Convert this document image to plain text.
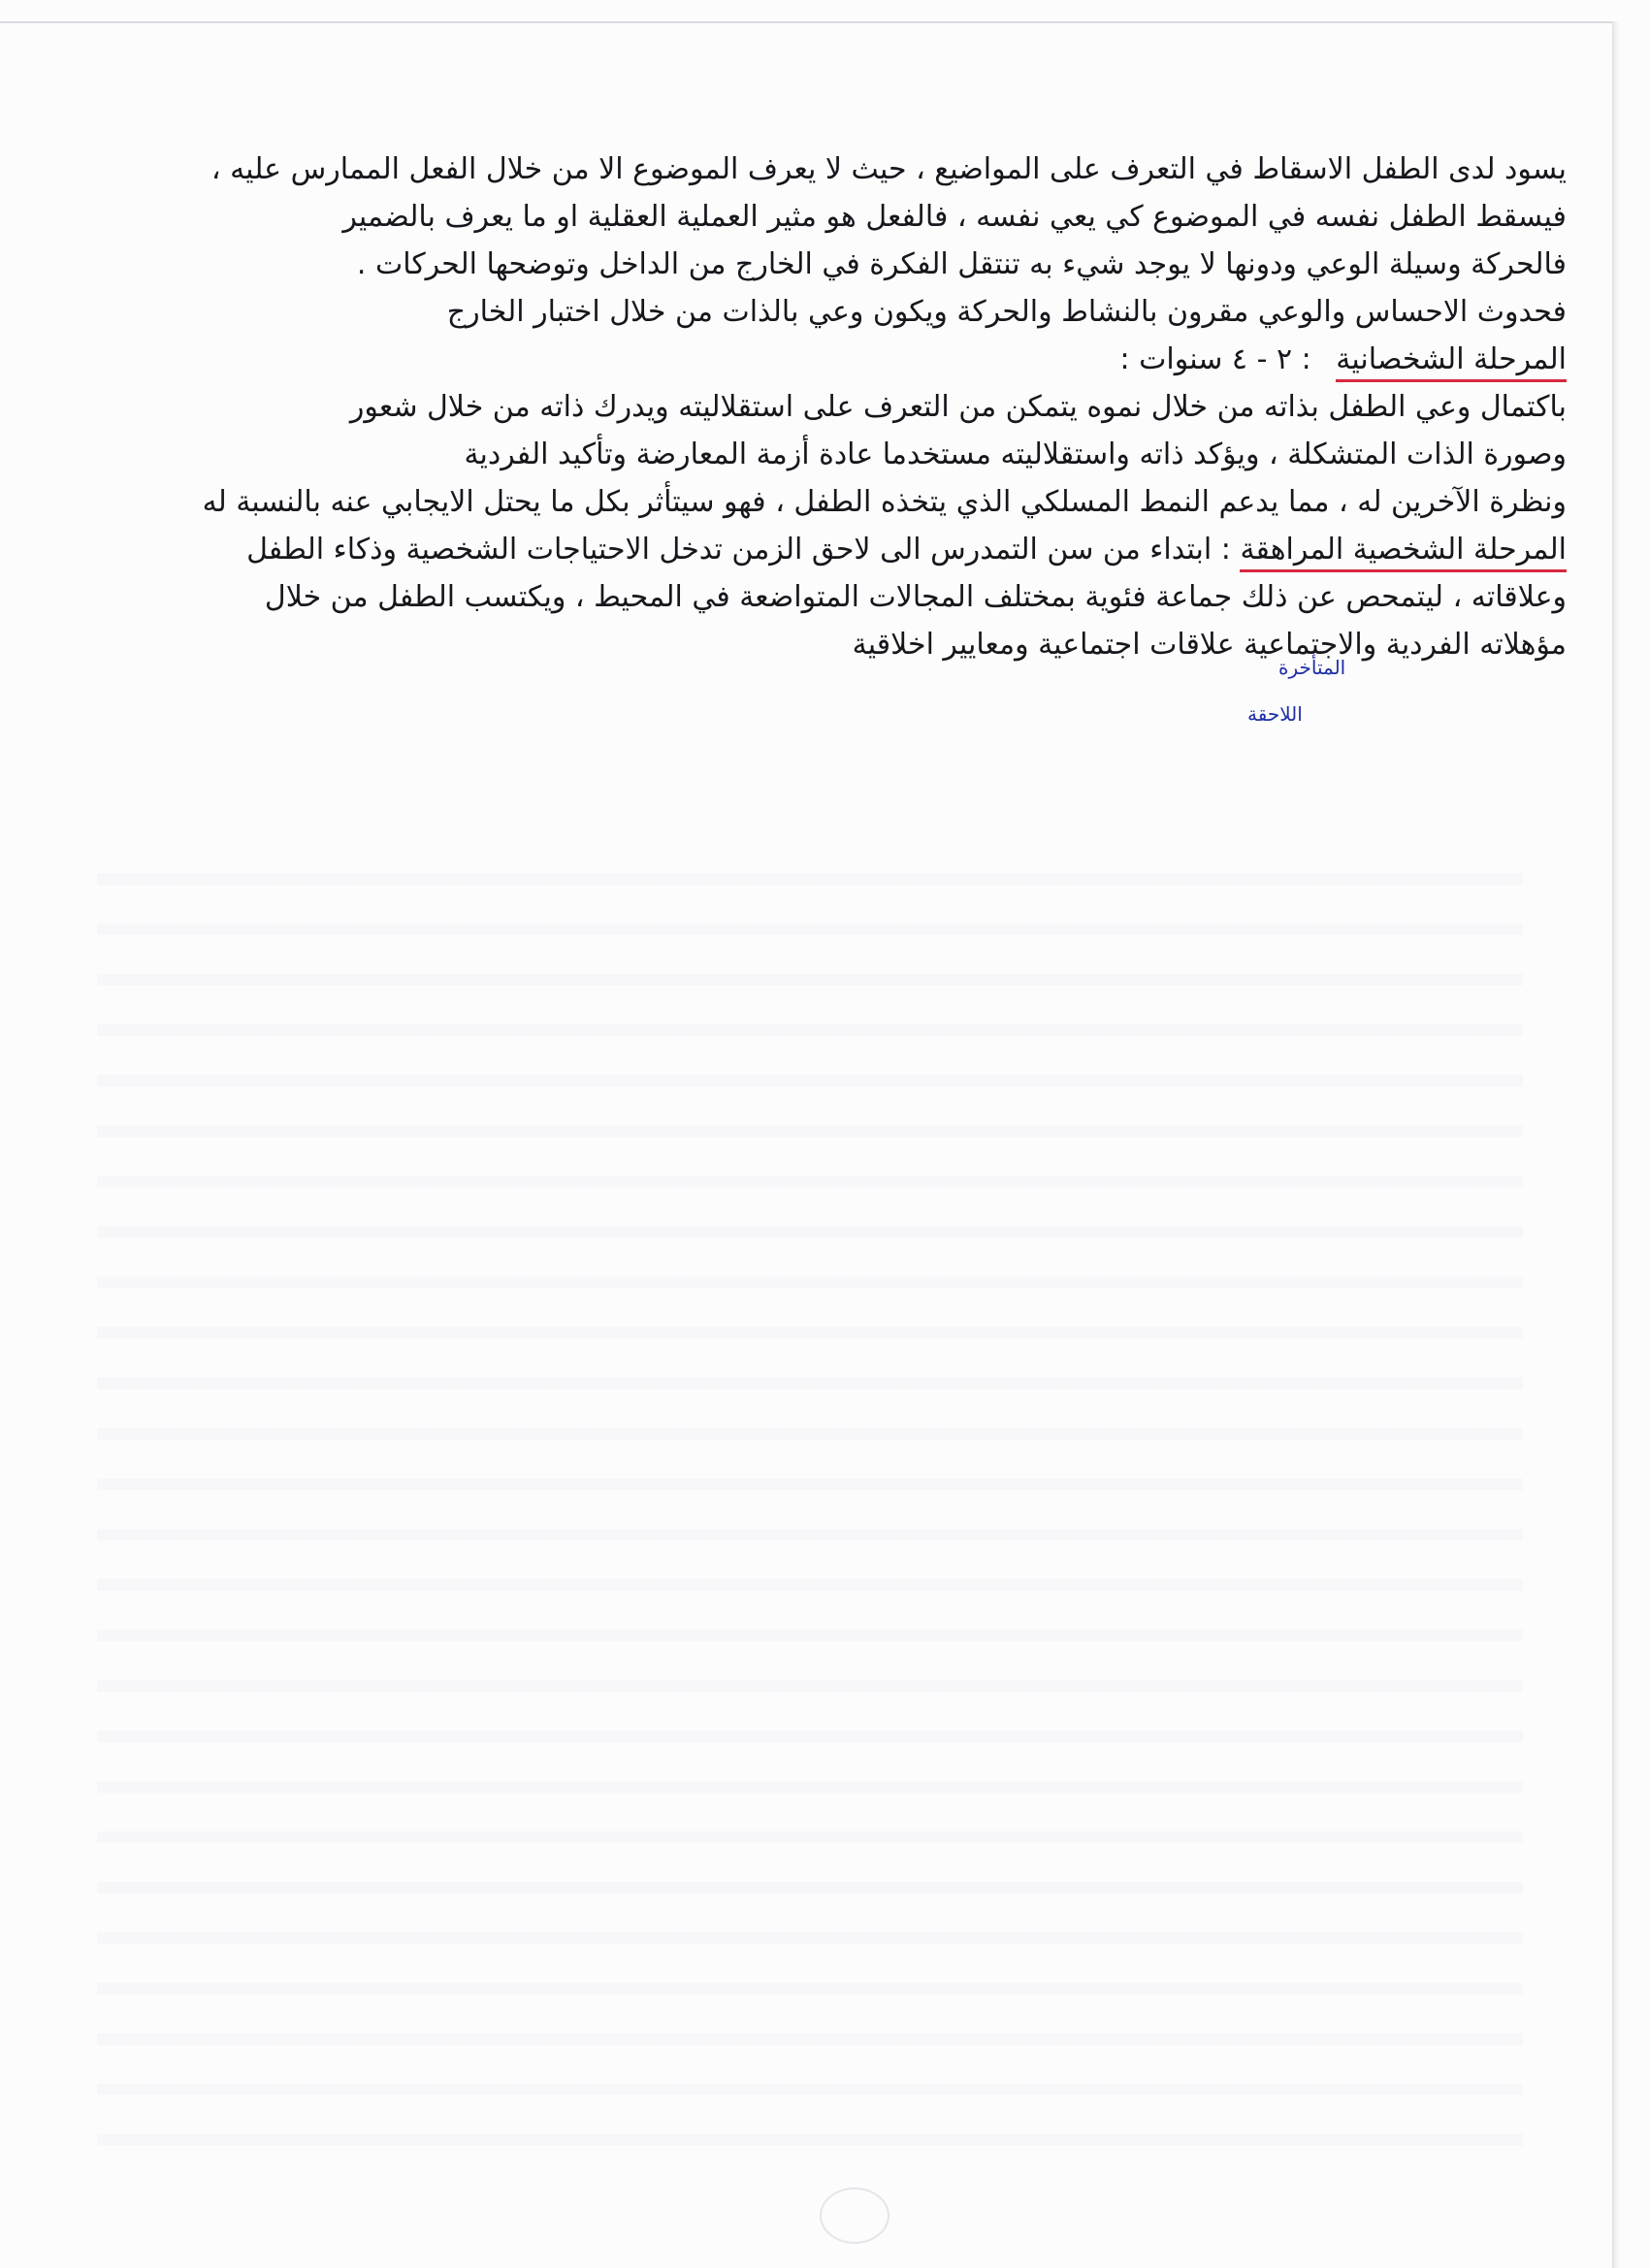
يسود لدى الطفل الاسقاط في التعرف على المواضيع ، حيث لا يعرف الموضوع الا من خلال الفعل الممارس عليه ،
فيسقط الطفل نفسه في الموضوع كي يعي نفسه ، فالفعل هو مثير العملية العقلية او ما يعرف بالضمير
فالحركة وسيلة الوعي ودونها لا يوجد شيء به تنتقل الفكرة في الخارج من الداخل وتوضحها الحركات .
فحدوث الاحساس والوعي مقرون بالنشاط والحركة ويكون وعي بالذات من خلال اختبار الخارج
المرحلة الشخصانية : ٢ - ٤ سنوات :
باكتمال وعي الطفل بذاته من خلال نموه يتمكن من التعرف على استقلاليته ويدرك ذاته من خلال شعور
وصورة الذات المتشكلة ، ويؤكد ذاته واستقلاليته مستخدما عادة أزمة المعارضة وتأكيد الفردية
ونظرة الآخرين له ، مما يدعم النمط المسلكي الذي يتخذه الطفل ، فهو سيتأثر بكل ما يحتل الايجابي عنه بالنسبة له
المرحلة الشخصية المراهقة : ابتداء من سن التمدرس الى لاحق الزمن تدخل الاحتياجات الشخصية وذكاء الطفل
وعلاقاته ، ليتمحص عن ذلك جماعة فئوية بمختلف المجالات المتواضعة في المحيط ، ويكتسب الطفل من خلال
مؤهلاته الفردية والاجتماعية علاقات اجتماعية ومعايير اخلاقية
المتأخرة
اللاحقة
